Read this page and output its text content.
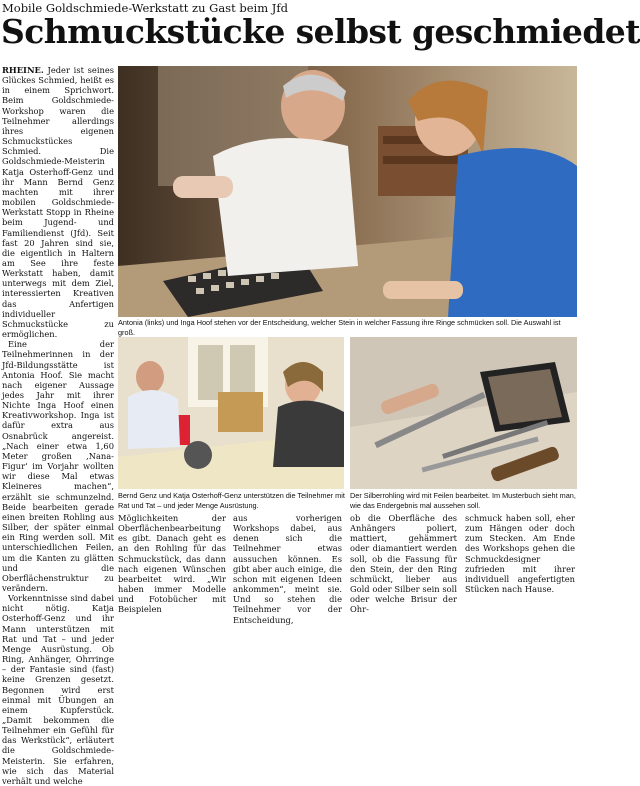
Mobile Goldschmiede-Werkstatt zu Gast beim Jfd
Schmuckstücke selbst geschmiedet

RHEINE. Jeder ist seines Glückes Schmied, heißt es in einem Sprichwort. Beim Goldschmiede-Workshop waren die Teilnehmer allerdings ihres eigenen Schmuckstückes Schmied. Die Goldschmiede-Meisterin Katja Osterhoff-Genz und ihr Mann Bernd Genz machten mit ihrer mobilen Goldschmiede-Werkstatt Stopp in Rheine beim Jugend- und Familiendienst (Jfd). Seit fast 20 Jahren sind sie, die eigentlich in Haltern am See ihre feste Werkstatt haben, damit unterwegs mit dem Ziel, interessierten Kreativen das Anfertigen individueller Schmuckstücke zu ermöglichen.

Eine der Teilnehmerinnen in der Jfd-Bildungsstätte ist Antonia Hoof. Sie macht nach eigener Aussage jedes Jahr mit ihrer Nichte Inga Hoof einen Kreativworkshop. Inga ist dafür extra aus Osnabrück angereist. „Nach einer etwa 1,60 Meter großen ‚Nana-Figur‘ im Vorjahr wollten wir diese Mal etwas Kleineres machen“, erzählt sie schmunzelnd. Beide bearbeiten gerade einen breiten Rohling aus Silber, der später einmal ein Ring werden soll. Mit unterschiedlichen Feilen, um die Kanten zu glätten und die Oberflächenstruktur zu verändern.

Vorkenntnisse sind dabei nicht nötig. Katja Osterhoff-Genz und ihr Mann unterstützen mit Rat und Tat – und jeder Menge Ausrüstung. Ob Ring, Anhänger, Ohrringe – der Fantasie sind (fast) keine Grenzen gesetzt. Begonnen wird erst einmal mit Übungen an einem Kupferstück. „Damit bekommen die Teilnehmer ein Gefühl für das Werkstück“, erläutert die Goldschmiede-Meisterin. Sie erfahren, wie sich das Material verhält und welche

Antonia (links) und Inga Hoof stehen vor der Entscheidung, welcher Stein in welcher Fassung ihre Ringe schmücken soll. Die Auswahl ist groß.
Bernd Genz und Katja Osterhoff-Genz unterstützen die Teilnehmer mit Rat und Tat – und jeder Menge Ausrüstung.
Der Silberrohling wird mit Feilen bearbeitet. Im Musterbuch sieht man, wie das Endergebnis mal aussehen soll.
Möglichkeiten der Oberflächenbearbeitung es gibt. Danach geht es an den Rohling für das Schmuckstück, das dann nach eigenen Wünschen bearbeitet wird. „Wir haben immer Modelle und Fotobücher mit Beispielen
aus vorherigen Workshops dabei, aus denen sich die Teilnehmer etwas aussuchen können. Es gibt aber auch einige, die schon mit eigenen Ideen ankommen“, meint sie. Und so stehen die Teilnehmer vor der Entscheidung,
ob die Oberfläche des Anhängers poliert, mattiert, gehämmert oder diamantiert werden soll, ob die Fassung für den Stein, der den Ring schmückt, lieber aus Gold oder Silber sein soll oder welche Brisur der Ohr-
schmuck haben soll, eher zum Hängen oder doch zum Stecken. Am Ende des Workshops gehen die Schmuckdesigner zufrieden mit ihrer individuell angefertigten Stücken nach Hause.
